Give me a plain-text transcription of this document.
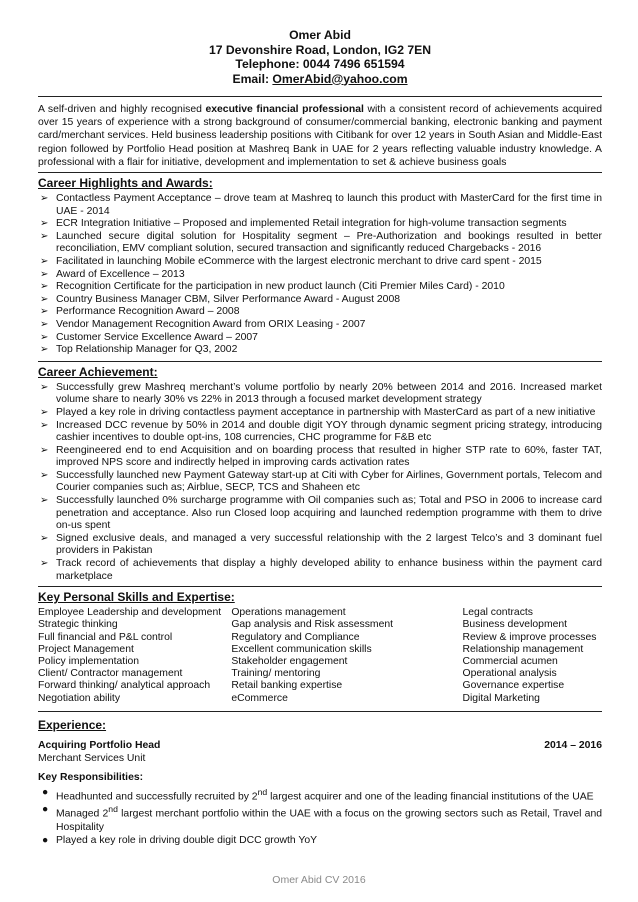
Omer Abid
17 Devonshire Road, London, IG2 7EN
Telephone: 0044 7496 651594
Email: OmerAbid@yahoo.com
A self-driven and highly recognised executive financial professional with a consistent record of achievements acquired over 15 years of experience with a strong background of consumer/commercial banking, electronic banking and payment card/merchant services. Held business leadership positions with Citibank for over 12 years in South Asian and Middle-East region followed by Portfolio Head position at Mashreq Bank in UAE for 2 years reflecting valuable industry knowledge. A professional with a flair for initiative, development and implementation to set & achieve business goals
Career Highlights and Awards:
➢ Contactless Payment Acceptance – drove team at Mashreq to launch this product with MasterCard for the first time in UAE - 2014
➢ ECR Integration Initiative – Proposed and implemented Retail integration for high-volume transaction segments
➢ Launched secure digital solution for Hospitality segment – Pre-Authorization and bookings resulted in better reconciliation, EMV compliant solution, secured transaction and significantly reduced Chargebacks - 2016
➢ Facilitated in launching Mobile eCommerce with the largest electronic merchant to drive card spent - 2015
➢ Award of Excellence – 2013
➢ Recognition Certificate for the participation in new product launch (Citi Premier Miles Card) - 2010
➢ Country Business Manager CBM, Silver Performance Award - August 2008
➢ Performance Recognition Award – 2008
➢ Vendor Management Recognition Award from ORIX Leasing - 2007
➢ Customer Service Excellence Award – 2007
➢ Top Relationship Manager for Q3, 2002
Career Achievement:
➢ Successfully grew Mashreq merchant’s volume portfolio by nearly 20% between 2014 and 2016. Increased market volume share to nearly 30% vs 22% in 2013 through a focused market development strategy
➢ Played a key role in driving contactless payment acceptance in partnership with MasterCard as part of a new initiative
➢ Increased DCC revenue by 50% in 2014 and double digit YOY through dynamic segment pricing strategy, introducing cashier incentives to double opt-ins, 108 currencies, CHC programme for F&B etc
➢ Reengineered end to end Acquisition and on boarding process that resulted in higher STP rate to 60%, faster TAT, improved NPS score and indirectly helped in improving cards activation rates
➢ Successfully launched new Payment Gateway start-up at Citi with Cyber for Airlines, Government portals, Telecom and Courier companies such as; Airblue, SECP, TCS and Shaheen etc
➢ Successfully launched 0% surcharge programme with Oil companies such as; Total and PSO in 2006 to increase card penetration and acceptance. Also run Closed loop acquiring and launched redemption programme with them to drive on-us spent
➢ Signed exclusive deals, and managed a very successful relationship with the 2 largest Telco’s and 3 dominant fuel providers in Pakistan
➢ Track record of achievements that display a highly developed ability to enhance business within the payment card marketplace
Key Personal Skills and Expertise:
Employee Leadership and development
Strategic thinking
Full financial and P&L control
Project Management
Policy implementation
Client/ Contractor management
Forward thinking/ analytical approach
Negotiation ability
Operations management
Gap analysis and Risk assessment
Regulatory and Compliance
Excellent communication skills
Stakeholder engagement
Training/ mentoring
Retail banking expertise
eCommerce
Legal contracts
Business development
Review & improve processes
Relationship management
Commercial acumen
Operational analysis
Governance expertise
Digital Marketing
Experience:
Acquiring Portfolio Head	2014 – 2016
Merchant Services Unit
Key Responsibilities:
● Headhunted and successfully recruited by 2nd largest acquirer and one of the leading financial institutions of the UAE
● Managed 2nd largest merchant portfolio within the UAE with a focus on the growing sectors such as Retail, Travel and Hospitality
● Played a key role in driving double digit DCC growth YoY
Omer Abid CV 2016
